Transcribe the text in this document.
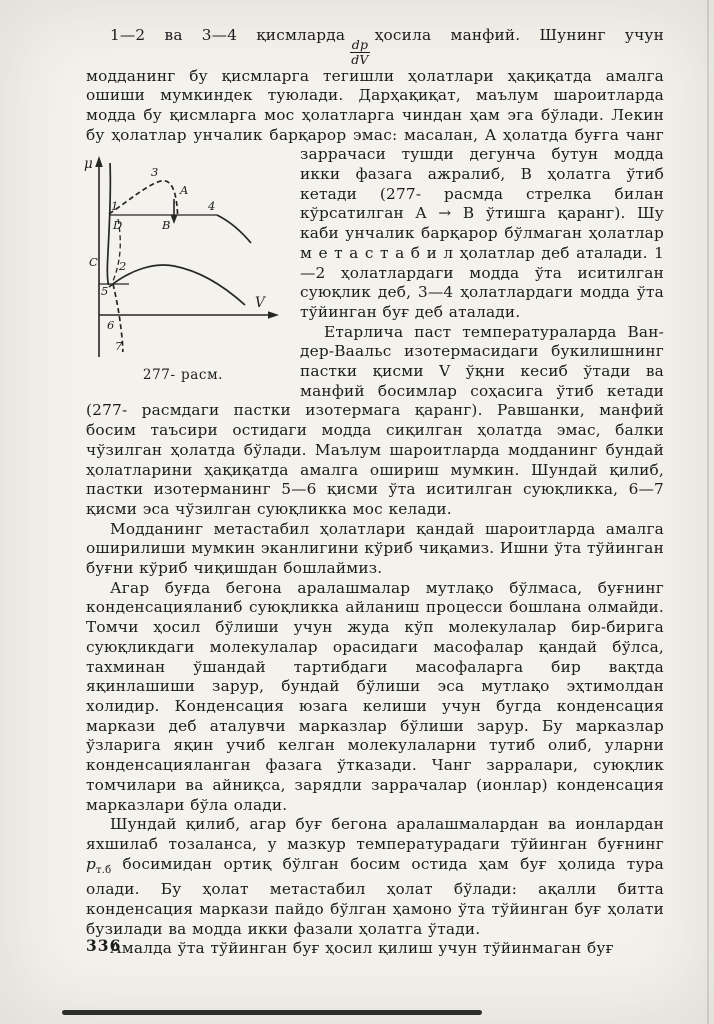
1—2 ва 3—4 қисмларда
$\frac{dp}{dV}$
ҳосила манфий. Шунинг учун модданинг бу қисмларга тегишли ҳолатлари ҳақиқатда амалга ошиши мумкиндек туюлади. Дарҳақиқат, маълум шароитларда модда бу қисмларга мос ҳолатларга чиндан ҳам эга бўлади. Лекин бу ҳолатлар унчалик барқарор эмас: масалан, A ҳолатда буғга чанг
μ
V
1
2
3
4
5
6
7
A
B
C
D
277- расм.
заррачаси тушди дегунча бутун модда икки фазага ажралиб, B ҳолатга ўтиб кетади (277- расмда стрелка билан кўрсатилган A → B ўтишга қаранг). Шу каби унчалик барқарор бўлмаган ҳолатлар м е т а с т а б и л ҳолатлар деб аталади. 1—2 ҳолатлардаги модда ўта иситилган суюқлик деб, 3—4 ҳолатлардаги модда ўта тўйинган буғ деб аталади.

Етарлича паст температураларда Ван-дер-Ваальс изотермасидаги букилишнинг пастки қисми V ўқни кесиб ўтади ва манфий босимлар соҳасига ўтиб кетади (277- расмдаги пастки изотермага қаранг). Равшанки, манфий босим таъсири остидаги модда сиқилган ҳолатда эмас, балки чўзилган ҳолатда бўлади. Маълум шароитларда модданинг бундай ҳолатларини ҳақиқатда амалга ошириш мумкин. Шундай қилиб, пастки изотерманинг 5—6 қисми ўта иситилган суюқликка, 6—7 қисми эса чўзилган суюқликка мос келади.

Модданинг метастабил ҳолатлари қандай шароитларда амалга оширилиши мумкин эканлигини кўриб чиқамиз. Ишни ўта тўйинган буғни кўриб чиқишдан бошлаймиз.

Агар буғда бегона аралашмалар мутлақо бўлмаса, буғнинг конденсацияланиб суюқликка айланиш процесси бошлана олмайди. Томчи ҳосил бўлиши учун жуда кўп молекулалар бир-бирига суюқликдаги молекулалар орасидаги масофалар қандай бўлса, тахминан ўшандай тартибдаги масофаларга бир вақтда яқинлашиши зарур, бундай бўлиши эса мутлақо эҳтимолдан холидир. Конденсация юзага келиши учун бугда конденсация маркази деб аталувчи марказлар бўлиши зарур. Бу марказлар ўзларига яқин учиб келган молекулаларни тутиб олиб, уларни конденсацияланган фазага ўтказади. Чанг зарралари, суюқлик томчилари ва айниқса, зарядли заррачалар (ионлар) конденсация марказлари бўла олади.

Шундай қилиб, агар буғ бегона аралашмалардан ва ионлардан яхшилаб тозаланса, у мазкур температурадаги тўйинган буғнинг $p_{т.б}$ босимидан ортиқ бўлган босим остида ҳам буғ ҳолида тура олади. Бу ҳолат метастабил ҳолат бўлади: ақалли битта конденсация маркази пайдо бўлган ҳамоно ўта тўйинган буғ ҳолати бузилади ва модда икки фазали ҳолатга ўтади.

Амалда ўта тўйинган буғ ҳосил қилиш учун тўйинмаган буғ

336
